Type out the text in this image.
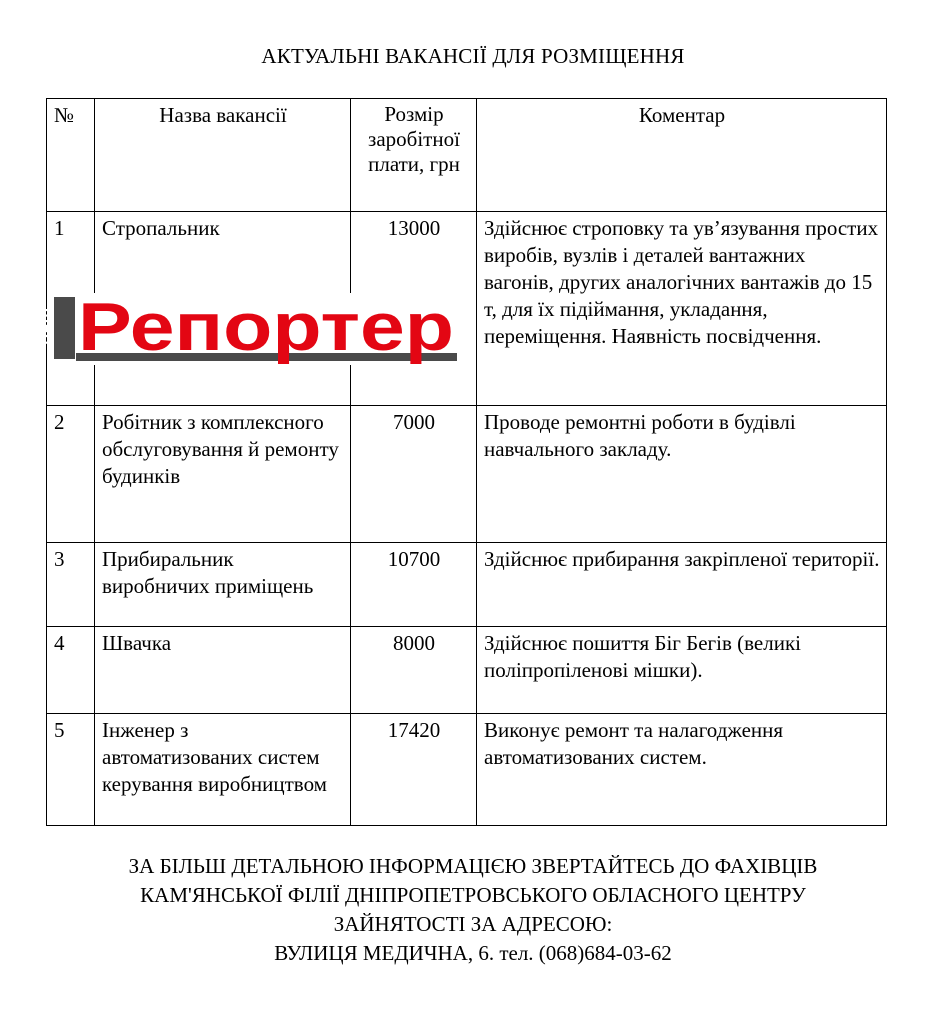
АКТУАЛЬНІ ВАКАНСІЇ ДЛЯ РОЗМІЩЕННЯ
№	Назва вакансії	Розмір заробітної плати, грн	Коментар
1	Стропальник	13000	Здійснює строповку та ув’язування простих виробів, вузлів і деталей вантажних вагонів, других аналогічних вантажів до 15 т, для їх підіймання, укладання, переміщення. Наявність посвідчення.
2	Робітник з комплексного обслуговування й ремонту будинків	7000	Проводе ремонтні роботи в будівлі навчального закладу.
3	Прибиральник виробничих приміщень	10700	Здійснює прибирання закріпленої території.
4	Швачка	8000	Здійснює пошиття Біг Бегів (великі поліпропіленові мішки).
5	Інженер з автоматизованих систем керування виробництвом	17420	Виконує ремонт та налагодження автоматизованих систем.
НАШ Репортер
ЗА БІЛЬШ ДЕТАЛЬНОЮ ІНФОРМАЦІЄЮ ЗВЕРТАЙТЕСЬ ДО ФАХІВЦІВ
КАМ'ЯНСЬКОЇ ФІЛІЇ ДНІПРОПЕТРОВСЬКОГО ОБЛАСНОГО ЦЕНТРУ
ЗАЙНЯТОСТІ ЗА АДРЕСОЮ:
ВУЛИЦЯ МЕДИЧНА, 6. тел. (068)684-03-62
